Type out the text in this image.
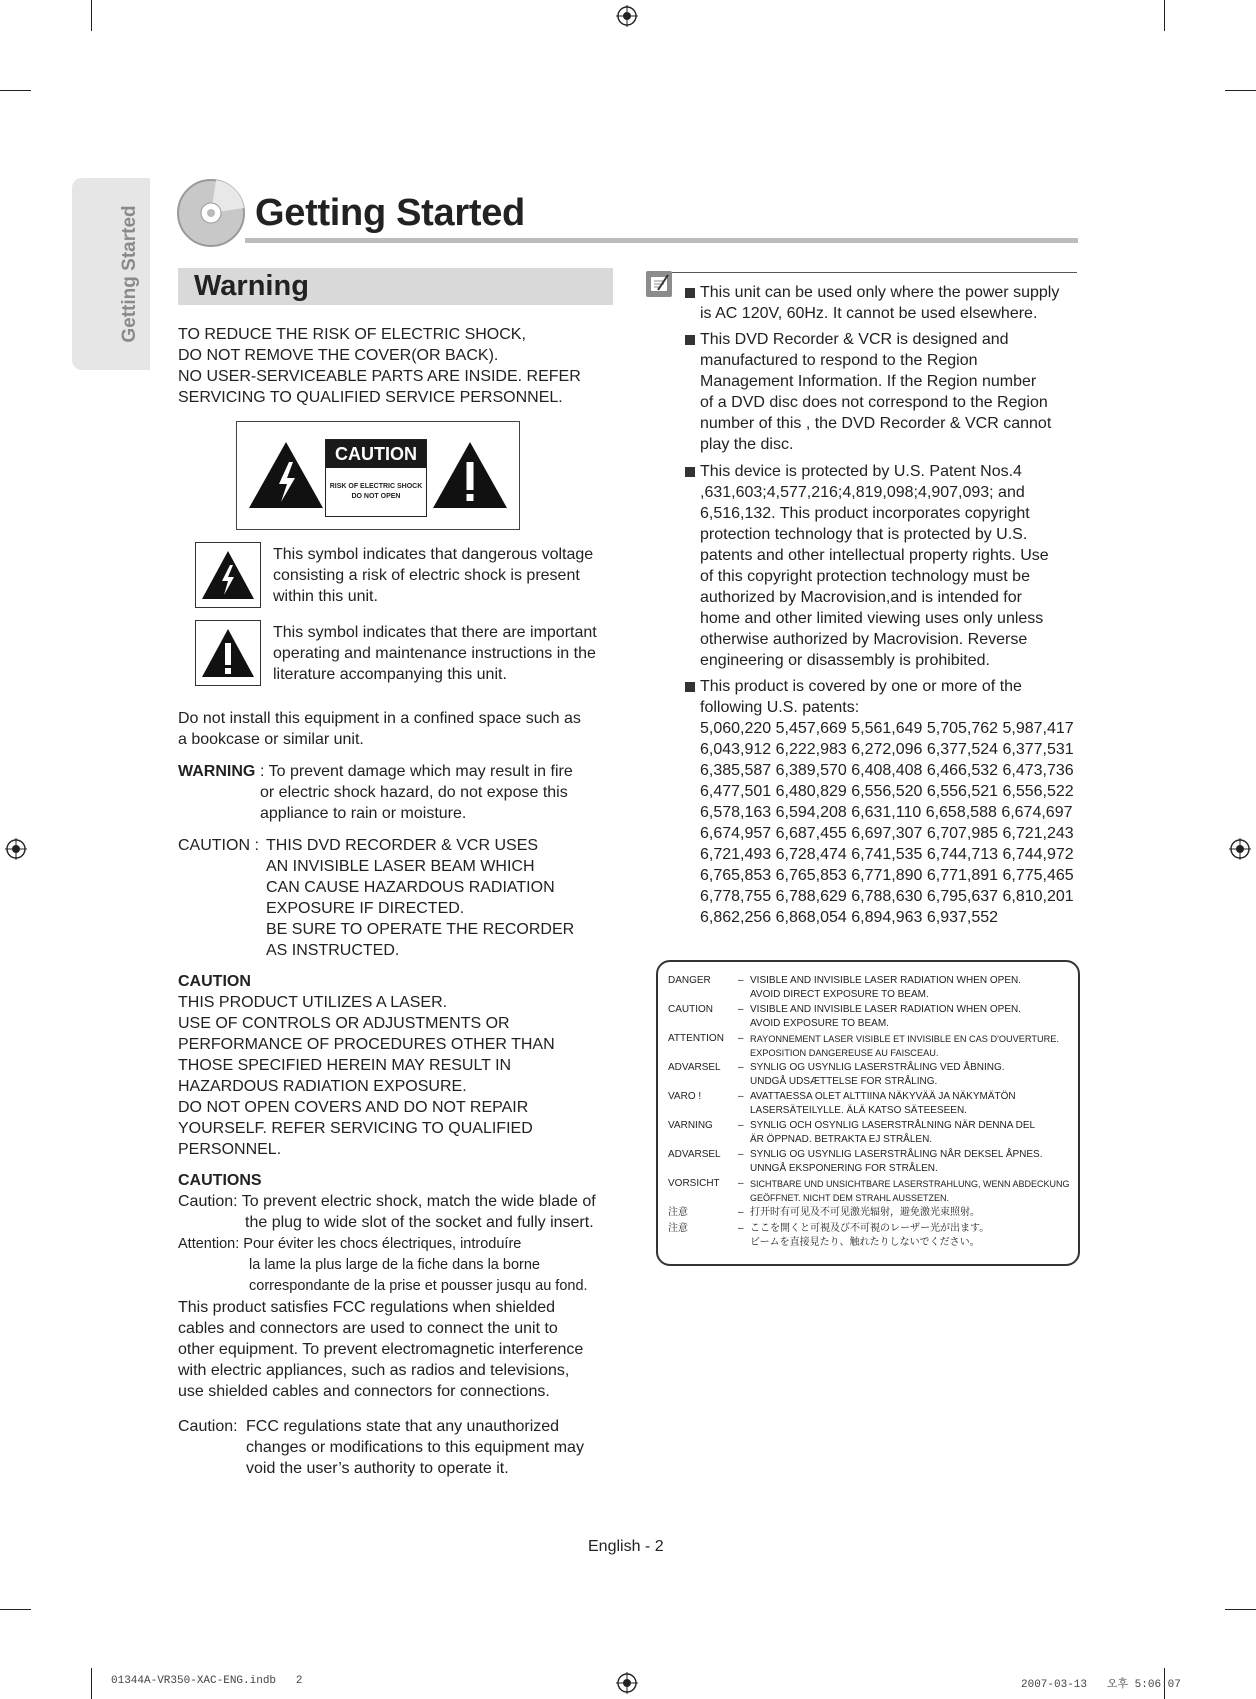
Getting Started	Getting Started
Warning
TO REDUCE THE RISK OF ELECTRIC SHOCK,
DO NOT REMOVE THE COVER(OR BACK).
NO USER-SERVICEABLE PARTS ARE INSIDE. REFER
SERVICING TO QUALIFIED SERVICE PERSONNEL.
CAUTION
RISK OF ELECTRIC SHOCK
DO NOT OPEN
This symbol indicates that dangerous voltage
consisting a risk of electric shock is present
within this unit.
This symbol indicates that there are important
operating and maintenance instructions in the
literature accompanying this unit.
Do not install this equipment in a confined space such as
a bookcase or similar unit.
WARNING : To prevent damage which may result in fire
or electric shock hazard, do not expose this
appliance to rain or moisture.
CAUTION : THIS DVD RECORDER & VCR USES
AN INVISIBLE LASER BEAM WHICH
CAN CAUSE HAZARDOUS RADIATION
EXPOSURE IF DIRECTED.
BE SURE TO OPERATE THE RECORDER
AS INSTRUCTED.
CAUTION
THIS PRODUCT UTILIZES A LASER.
USE OF CONTROLS OR ADJUSTMENTS OR
PERFORMANCE OF PROCEDURES OTHER THAN
THOSE SPECIFIED HEREIN MAY RESULT IN
HAZARDOUS RADIATION EXPOSURE.
DO NOT OPEN COVERS AND DO NOT REPAIR
YOURSELF. REFER SERVICING TO QUALIFIED
PERSONNEL.
CAUTIONS
Caution: To prevent electric shock, match the wide blade of
the plug to wide slot of the socket and fully insert.
Attention: Pour éviter les chocs électriques, introduíre
la lame la plus large de la fiche dans la borne
correspondante de la prise et pousser jusqu au fond.
This product satisfies FCC regulations when shielded
cables and connectors are used to connect the unit to
other equipment. To prevent electromagnetic interference
with electric appliances, such as radios and televisions,
use shielded cables and connectors for connections.
Caution: FCC regulations state that any unauthorized
changes or modifications to this equipment may
void the user’s authority to operate it.
This unit can be used only where the power supply
is AC 120V, 60Hz. It cannot be used elsewhere.
This DVD Recorder & VCR is designed and
manufactured to respond to the Region
Management Information. If the Region number
of a DVD disc does not correspond to the Region
number of this , the DVD Recorder & VCR cannot
play the disc.
This device is protected by U.S. Patent Nos.4
,631,603;4,577,216;4,819,098;4,907,093; and
6,516,132. This product incorporates copyright
protection technology that is protected by U.S.
patents and other intellectual property rights. Use
of this copyright protection technology must be
authorized by Macrovision,and is intended for
home and other limited viewing uses only unless
otherwise authorized by Macrovision. Reverse
engineering or disassembly is prohibited.
This product is covered by one or more of the
following U.S. patents:
5,060,220 5,457,669 5,561,649 5,705,762 5,987,417
6,043,912 6,222,983 6,272,096 6,377,524 6,377,531
6,385,587 6,389,570 6,408,408 6,466,532 6,473,736
6,477,501 6,480,829 6,556,520 6,556,521 6,556,522
6,578,163 6,594,208 6,631,110 6,658,588 6,674,697
6,674,957 6,687,455 6,697,307 6,707,985 6,721,243
6,721,493 6,728,474 6,741,535 6,744,713 6,744,972
6,765,853 6,765,853 6,771,890 6,771,891 6,775,465
6,778,755 6,788,629 6,788,630 6,795,637 6,810,201
6,862,256 6,868,054 6,894,963 6,937,552
DANGER	– VISIBLE AND INVISIBLE LASER RADIATION WHEN OPEN.
AVOID DIRECT EXPOSURE TO BEAM.
CAUTION	– VISIBLE AND INVISIBLE LASER RADIATION WHEN OPEN.
AVOID EXPOSURE TO BEAM.
ATTENTION	– RAYONNEMENT LASER VISIBLE ET INVISIBLE EN CAS D'OUVERTURE.
EXPOSITION DANGEREUSE AU FAISCEAU.
ADVARSEL	– SYNLIG OG USYNLIG LASERSTRÅLING VED ÅBNING.
UNDGÅ UDSÆTTELSE FOR STRÅLING.
VARO !	– AVATTAESSA OLET ALTTIINA NÄKYVÄÄ JA NÄKYMÄTÖN
LASERSÄTEILYLLE. ÄLÄ KATSO SÄTEESEEN.
VARNING	– SYNLIG OCH OSYNLIG LASERSTRÅLNING NÄR DENNA DEL
ÄR ÖPPNAD. BETRAKTA EJ STRÅLEN.
ADVARSEL	– SYNLIG OG USYNLIG LASERSTRÅLING NÅR DEKSEL ÅPNES.
UNNGÅ EKSPONERING FOR STRÅLEN.
VORSICHT	– SICHTBARE UND UNSICHTBARE LASERSTRAHLUNG, WENN ABDECKUNG
GEÖFFNET. NICHT DEM STRAHL AUSSETZEN.
注意	– 打开时有可见及不可见激光辐射，避免激光束照射。
注意	– ここを開くと可視及び不可視のレーザー光が出ます。
ビームを直接見たり、触れたりしないでください。
English - 2
01344A-VR350-XAC-ENG.indb   2	2007-03-13   오후 5:06:07
